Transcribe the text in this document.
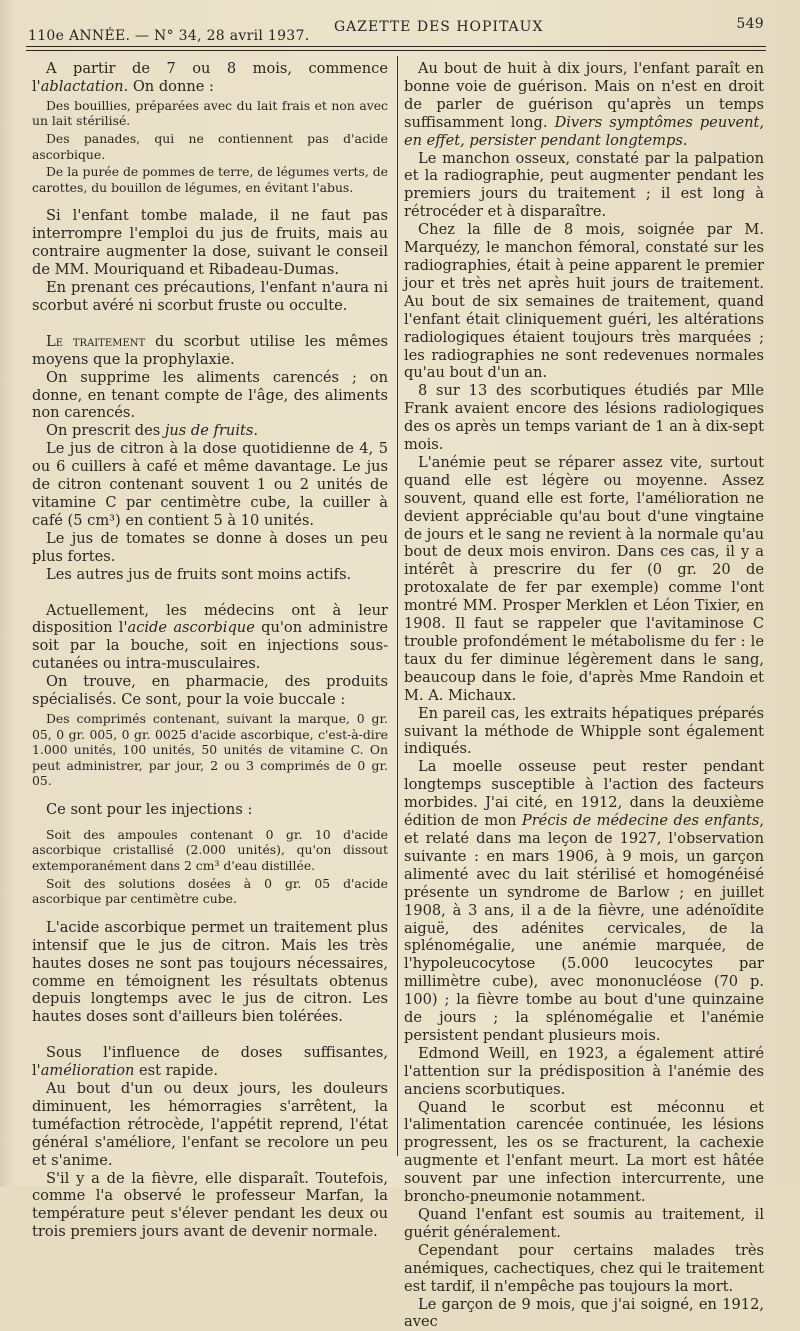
110e ANNÉE. — N° 34, 28 avril 1937.
GAZETTE DES HOPITAUX	549

A partir de 7 ou 8 mois, commence l'ablactation. On donne :

Des bouillies, préparées avec du lait frais et non avec un lait stérilisé.

Des panades, qui ne contiennent pas d'acide ascorbique.

De la purée de pommes de terre, de légumes verts, de carottes, du bouillon de légumes, en évitant l'abus.

Si l'enfant tombe malade, il ne faut pas interrompre l'emploi du jus de fruits, mais au contraire augmenter la dose, suivant le conseil de MM. Mouriquand et Ribadeau-Dumas.

En prenant ces précautions, l'enfant n'aura ni scorbut avéré ni scorbut fruste ou occulte.

Le traitement du scorbut utilise les mêmes moyens que la prophylaxie.

On supprime les aliments carencés ; on donne, en tenant compte de l'âge, des aliments non carencés.

On prescrit des jus de fruits.

Le jus de citron à la dose quotidienne de 4, 5 ou 6 cuillers à café et même davantage. Le jus de citron contenant souvent 1 ou 2 unités de vitamine C par centimètre cube, la cuiller à café (5 cm³) en contient 5 à 10 unités.

Le jus de tomates se donne à doses un peu plus fortes.

Les autres jus de fruits sont moins actifs.

Actuellement, les médecins ont à leur disposition l'acide ascorbique qu'on administre soit par la bouche, soit en injections sous-cutanées ou intra-musculaires.

On trouve, en pharmacie, des produits spécialisés. Ce sont, pour la voie buccale :

Des comprimés contenant, suivant la marque, 0 gr. 05, 0 gr. 005, 0 gr. 0025 d'acide ascorbique, c'est-à-dire 1.000 unités, 100 unités, 50 unités de vitamine C. On peut administrer, par jour, 2 ou 3 comprimés de 0 gr. 05.

Ce sont pour les injections :

Soit des ampoules contenant 0 gr. 10 d'acide ascorbique cristallisé (2.000 unités), qu'on dissout extemporanément dans 2 cm³ d'eau distillée.

Soit des solutions dosées à 0 gr. 05 d'acide ascorbique par centimètre cube.

L'acide ascorbique permet un traitement plus intensif que le jus de citron. Mais les très hautes doses ne sont pas toujours nécessaires, comme en témoignent les résultats obtenus depuis longtemps avec le jus de citron. Les hautes doses sont d'ailleurs bien tolérées.

Sous l'influence de doses suffisantes, l'amélioration est rapide.

Au bout d'un ou deux jours, les douleurs diminuent, les hémorragies s'arrêtent, la tuméfaction rétrocède, l'appétit reprend, l'état général s'améliore, l'enfant se recolore un peu et s'anime.

S'il y a de la fièvre, elle disparaît. Toutefois, comme l'a observé le professeur Marfan, la température peut s'élever pendant les deux ou trois premiers jours avant de devenir normale.

Au bout de huit à dix jours, l'enfant paraît en bonne voie de guérison. Mais on n'est en droit de parler de guérison qu'après un temps suffisamment long. Divers symptômes peuvent, en effet, persister pendant longtemps.

Le manchon osseux, constaté par la palpation et la radiographie, peut augmenter pendant les premiers jours du traitement ; il est long à rétrocéder et à disparaître.

Chez la fille de 8 mois, soignée par M. Marquézy, le manchon fémoral, constaté sur les radiographies, était à peine apparent le premier jour et très net après huit jours de traitement. Au bout de six semaines de traitement, quand l'enfant était cliniquement guéri, les altérations radiologiques étaient toujours très marquées ; les radiographies ne sont redevenues normales qu'au bout d'un an.

8 sur 13 des scorbutiques étudiés par Mlle Frank avaient encore des lésions radiologiques des os après un temps variant de 1 an à dix-sept mois.

L'anémie peut se réparer assez vite, surtout quand elle est légère ou moyenne. Assez souvent, quand elle est forte, l'amélioration ne devient appréciable qu'au bout d'une vingtaine de jours et le sang ne revient à la normale qu'au bout de deux mois environ. Dans ces cas, il y a intérêt à prescrire du fer (0 gr. 20 de protoxalate de fer par exemple) comme l'ont montré MM. Prosper Merklen et Léon Tixier, en 1908. Il faut se rappeler que l'avitaminose C trouble profondément le métabolisme du fer : le taux du fer diminue légèrement dans le sang, beaucoup dans le foie, d'après Mme Randoin et M. A. Michaux.

En pareil cas, les extraits hépatiques préparés suivant la méthode de Whipple sont également indiqués.

La moelle osseuse peut rester pendant longtemps susceptible à l'action des facteurs morbides. J'ai cité, en 1912, dans la deuxième édition de mon Précis de médecine des enfants, et relaté dans ma leçon de 1927, l'observation suivante : en mars 1906, à 9 mois, un garçon alimenté avec du lait stérilisé et homogénéisé présente un syndrome de Barlow ; en juillet 1908, à 3 ans, il a de la fièvre, une adénoïdite aiguë, des adénites cervicales, de la splénomégalie, une anémie marquée, de l'hypoleucocytose (5.000 leucocytes par millimètre cube), avec mononucléose (70 p. 100) ; la fièvre tombe au bout d'une quinzaine de jours ; la splénomégalie et l'anémie persistent pendant plusieurs mois.

Edmond Weill, en 1923, a également attiré l'attention sur la prédisposition à l'anémie des anciens scorbutiques.

Quand le scorbut est méconnu et l'alimentation carencée continuée, les lésions progressent, les os se fracturent, la cachexie augmente et l'enfant meurt. La mort est hâtée souvent par une infection intercurrente, une broncho-pneumonie notamment.

Quand l'enfant est soumis au traitement, il guérit généralement.

Cependant pour certains malades très anémiques, cachectiques, chez qui le traitement est tardif, il n'empêche pas toujours la mort.

Le garçon de 9 mois, que j'ai soigné, en 1912, avec
